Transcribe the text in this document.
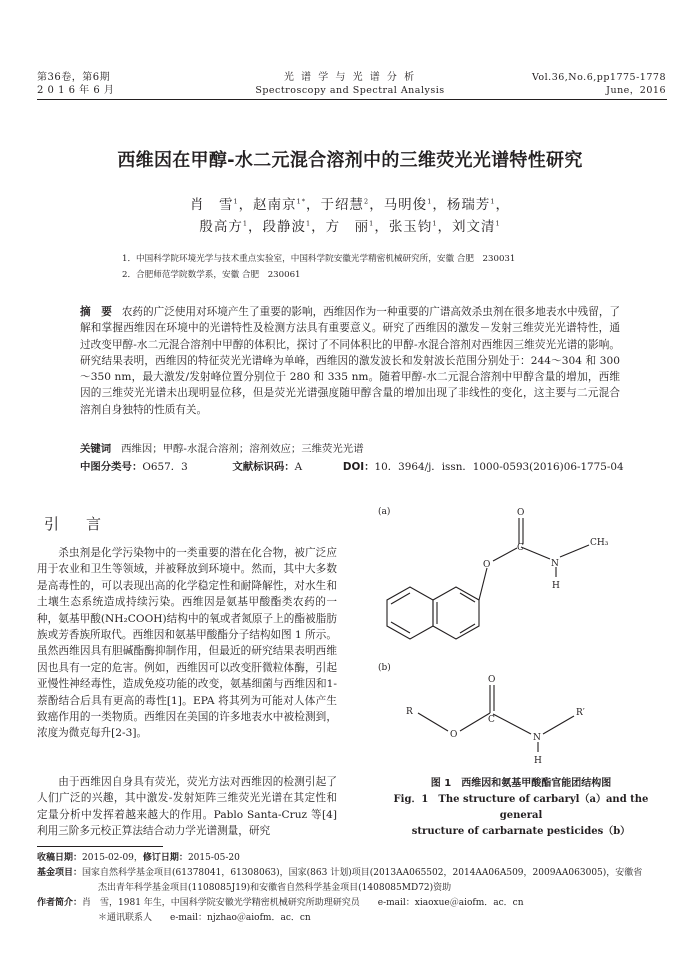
第36卷，第6期
2 0 1 6 年 6 月
光 谱 学 与 光 谱 分 析
Spectroscopy and Spectral Analysis
Vol.36,No.6,pp1775-1778
June，2016
西维因在甲醇-水二元混合溶剂中的三维荧光光谱特性研究
肖　雪$^1$，赵南京$^{1*}$，于绍慧$^2$，马明俊$^1$，杨瑞芳$^1$，
殷高方$^1$，段静波$^1$，方　丽$^1$，张玉钧$^1$，刘文清$^1$
1．中国科学院环境光学与技术重点实验室，中国科学院安徽光学精密机械研究所，安徽 合肥　230031
2．合肥师范学院数学系，安徽 合肥　230061
摘　要 农药的广泛使用对环境产生了重要的影响，西维因作为一种重要的广谱高效杀虫剂在很多地表水中残留，了解和掌握西维因在环境中的光谱特性及检测方法具有重要意义。研究了西维因的激发－发射三维荧光光谱特性，通过改变甲醇-水二元混合溶剂中甲醇的体积比，探讨了不同体积比的甲醇-水混合溶剂对西维因三维荧光光谱的影响。研究结果表明，西维因的特征荧光光谱峰为单峰，西维因的激发波长和发射波长范围分别处于：244～304 和 300～350 nm，最大激发/发射峰位置分别位于 280 和 335 nm。随着甲醇-水二元混合溶剂中甲醇含量的增加，西维因的三维荧光光谱未出现明显位移，但是荧光光谱强度随甲醇含量的增加出现了非线性的变化，这主要与二元混合溶剂自身独特的性质有关。
关键词 西维因；甲醇-水混合溶剂；溶剂效应；三维荧光光谱
中图分类号：O657．3	文献标识码：A	DOI：10．3964/j．issn．1000-0593(2016)06-1775-04
引　言
杀虫剂是化学污染物中的一类重要的潜在化合物，被广泛应用于农业和卫生等领域，并被释放到环境中。然而，其中大多数是高毒性的，可以表现出高的化学稳定性和耐降解性，对水生和土壤生态系统造成持续污染。西维因是氨基甲酸酯类农药的一种，氨基甲酸(NH₂COOH)结构中的氧或者氮原子上的酯被脂肪族或芳香族所取代。西维因和氨基甲酸酯分子结构如图 1 所示。虽然西维因具有胆碱酯酶抑制作用，但最近的研究结果表明西维因也具有一定的危害。例如，西维因可以改变肝微粒体酶，引起亚慢性神经毒性，造成免疫功能的改变，氨基细菌与西维因和1-萘酚结合后具有更高的毒性[1]。EPA 将其列为可能对人体产生致癌作用的一类物质。西维因在美国的许多地表水中被检测到，浓度为微克每升[2-3]。
由于西维因自身具有荧光，荧光方法对西维因的检测引起了人们广泛的兴趣，其中激发-发射矩阵三维荧光光谱在其定性和定量分析中发挥着越来越大的作用。Pablo Santa-Cruz 等[4]利用三阶多元校正算法结合动力学光谱测量，研究
(a)
O
O
C
N
H
CH₃
(b)
R
O
O
C
N
H
R′
图 1　西维因和氨基甲酸酯官能团结构图
Fig．1　The structure of carbaryl（a）and the general
structure of carbarnate pesticides（b）
收稿日期：2015-02-09，修订日期：2015-05-20
基金项目：国家自然科学基金项目(61378041，61308063)，国家(863 计划)项目(2013AA065502，2014AA06A509，2009AA063005)，安徽省
杰出青年科学基金项目(1108085J19)和安徽省自然科学基金项目(1408085MD72)资助
作者简介：肖　雪，1981 年生，中国科学院安徽光学精密机械研究所助理研究员　　e-mail：xiaoxue＠aiofm．ac．cn
＊通讯联系人　　e-mail：njzhao＠aiofm．ac．cn
